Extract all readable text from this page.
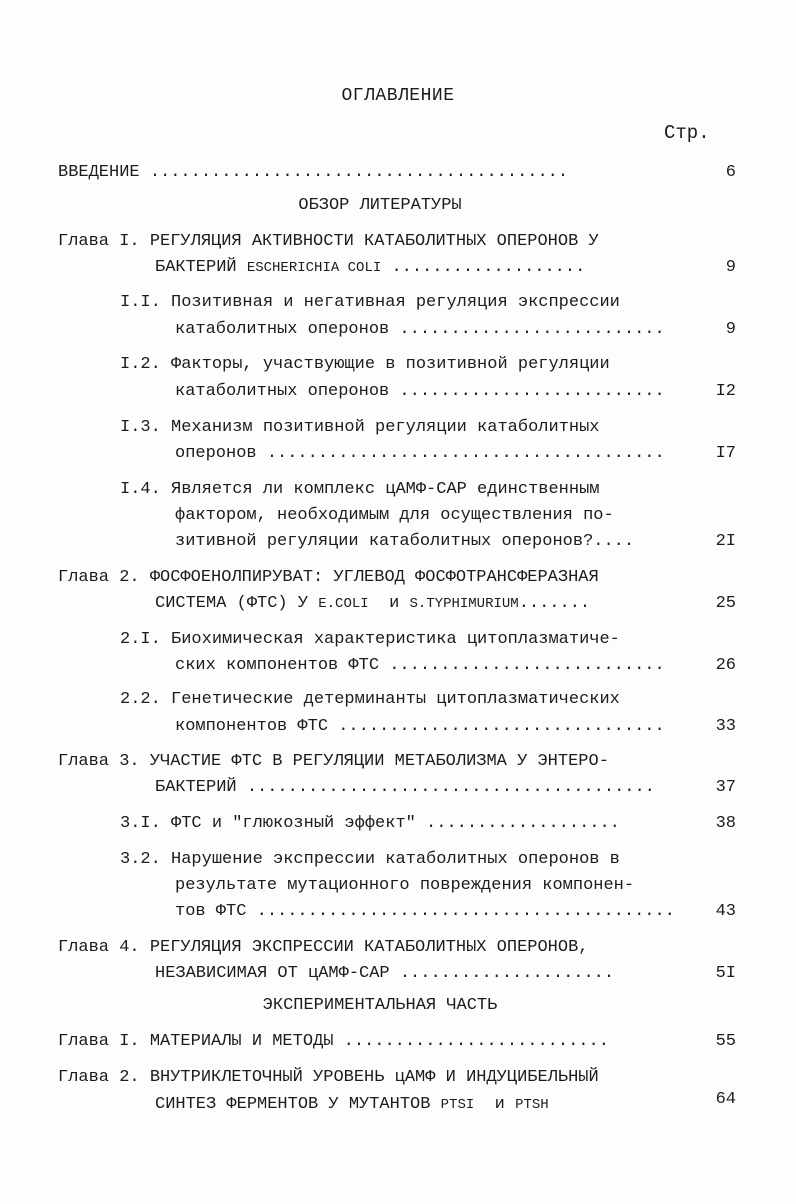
ОГЛАВЛЕНИЕ
Стр.
ВВЕДЕНИЕ .........................................	6
ОБЗОР ЛИТЕРАТУРЫ
Глава I. РЕГУЛЯЦИЯ АКТИВНОСТИ КАТАБОЛИТНЫХ ОПЕРОНОВ У
БАКТЕРИЙ ESCHERICHIA COLI ...................	9
I.I. Позитивная и негативная регуляция экспрессии
катаболитных оперонов ..........................	9
I.2. Факторы, участвующие в позитивной регуляции
катаболитных оперонов ..........................	I2
I.3. Механизм позитивной регуляции катаболитных
оперонов .......................................	I7
I.4. Является ли комплекс цАМФ-САР единственным
фактором, необходимым для осуществления по-
зитивной регуляции катаболитных оперонов?....	2I
Глава 2. ФОСФОЕНОЛПИРУВАТ: УГЛЕВОД ФОСФОТРАНСФЕРАЗНАЯ
СИСТЕМА (ФТС) У E.COLI и S.TYPHIMURIUM.......	25
2.I. Биохимическая характеристика цитоплазматиче-
ских компонентов ФТС ...........................	26
2.2. Генетические детерминанты цитоплазматических
компонентов ФТС ................................	33
Глава 3. УЧАСТИЕ ФТС В РЕГУЛЯЦИИ МЕТАБОЛИЗМА У ЭНТЕРО-
БАКТЕРИЙ ........................................	37
3.I. ФТС и "глюкозный эффект" ...................	38
3.2. Нарушение экспрессии катаболитных оперонов в
результате мутационного повреждения компонен-
тов ФТС .........................................	43
Глава 4. РЕГУЛЯЦИЯ ЭКСПРЕССИИ КАТАБОЛИТНЫХ ОПЕРОНОВ,
НЕЗАВИСИМАЯ ОТ цАМФ-САР .....................	5I
ЭКСПЕРИМЕНТАЛЬНАЯ ЧАСТЬ
Глава I. МАТЕРИАЛЫ И МЕТОДЫ ..........................	55
Глава 2. ВНУТРИКЛЕТОЧНЫЙ УРОВЕНЬ цАМФ И ИНДУЦИБЕЛЬНЫЙ
СИНТЕЗ ФЕРМЕНТОВ У МУТАНТОВ PTSI и PTSH	64
